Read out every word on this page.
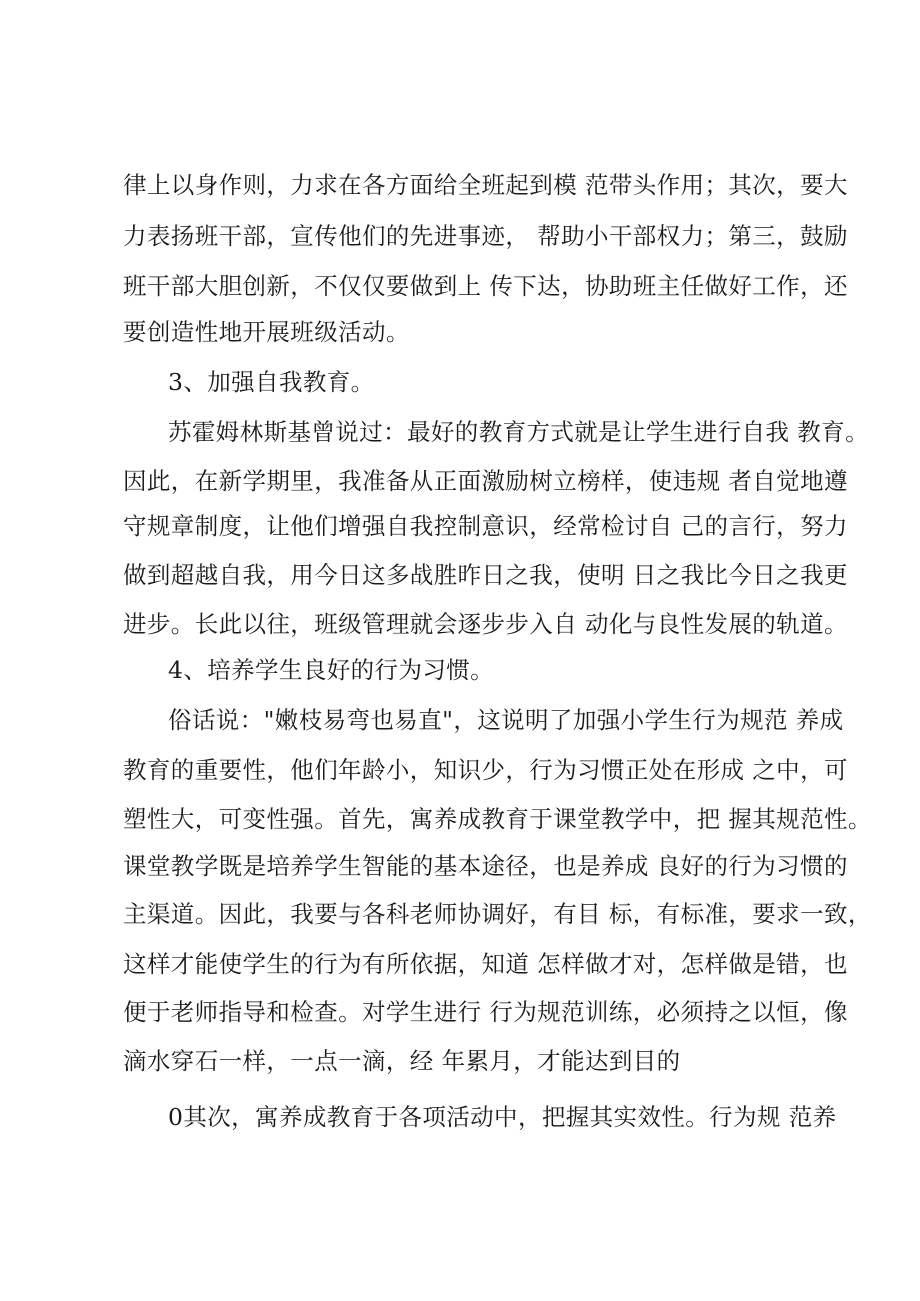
律上以身作则，力求在各方面给全班起到模 范带头作用；其次，要大
力表扬班干部，宣传他们的先进事迹， 帮助小干部权力；第三，鼓励
班干部大胆创新，不仅仅要做到上 传下达，协助班主任做好工作，还
要创造性地开展班级活动。
3、加强自我教育。
苏霍姆林斯基曾说过：最好的教育方式就是让学生进行自我 教育。
因此，在新学期里，我准备从正面激励树立榜样，使违规 者自觉地遵
守规章制度，让他们增强自我控制意识，经常检讨自 己的言行，努力
做到超越自我，用今日这多战胜昨日之我，使明 日之我比今日之我更
进步。长此以往，班级管理就会逐步步入自 动化与良性发展的轨道。
4、培养学生良好的行为习惯。
俗话说："嫩枝易弯也易直"，这说明了加强小学生行为规范 养成
教育的重要性，他们年龄小，知识少，行为习惯正处在形成 之中，可
塑性大，可变性强。首先，寓养成教育于课堂教学中，把 握其规范性。
课堂教学既是培养学生智能的基本途径，也是养成 良好的行为习惯的
主渠道。因此，我要与各科老师协调好，有目 标，有标准，要求一致，
这样才能使学生的行为有所依据，知道 怎样做才对，怎样做是错，也
便于老师指导和检查。对学生进行 行为规范训练，必须持之以恒，像
滴水穿石一样，一点一滴，经 年累月，才能达到目的
0其次，寓养成教育于各项活动中，把握其实效性。行为规 范养
